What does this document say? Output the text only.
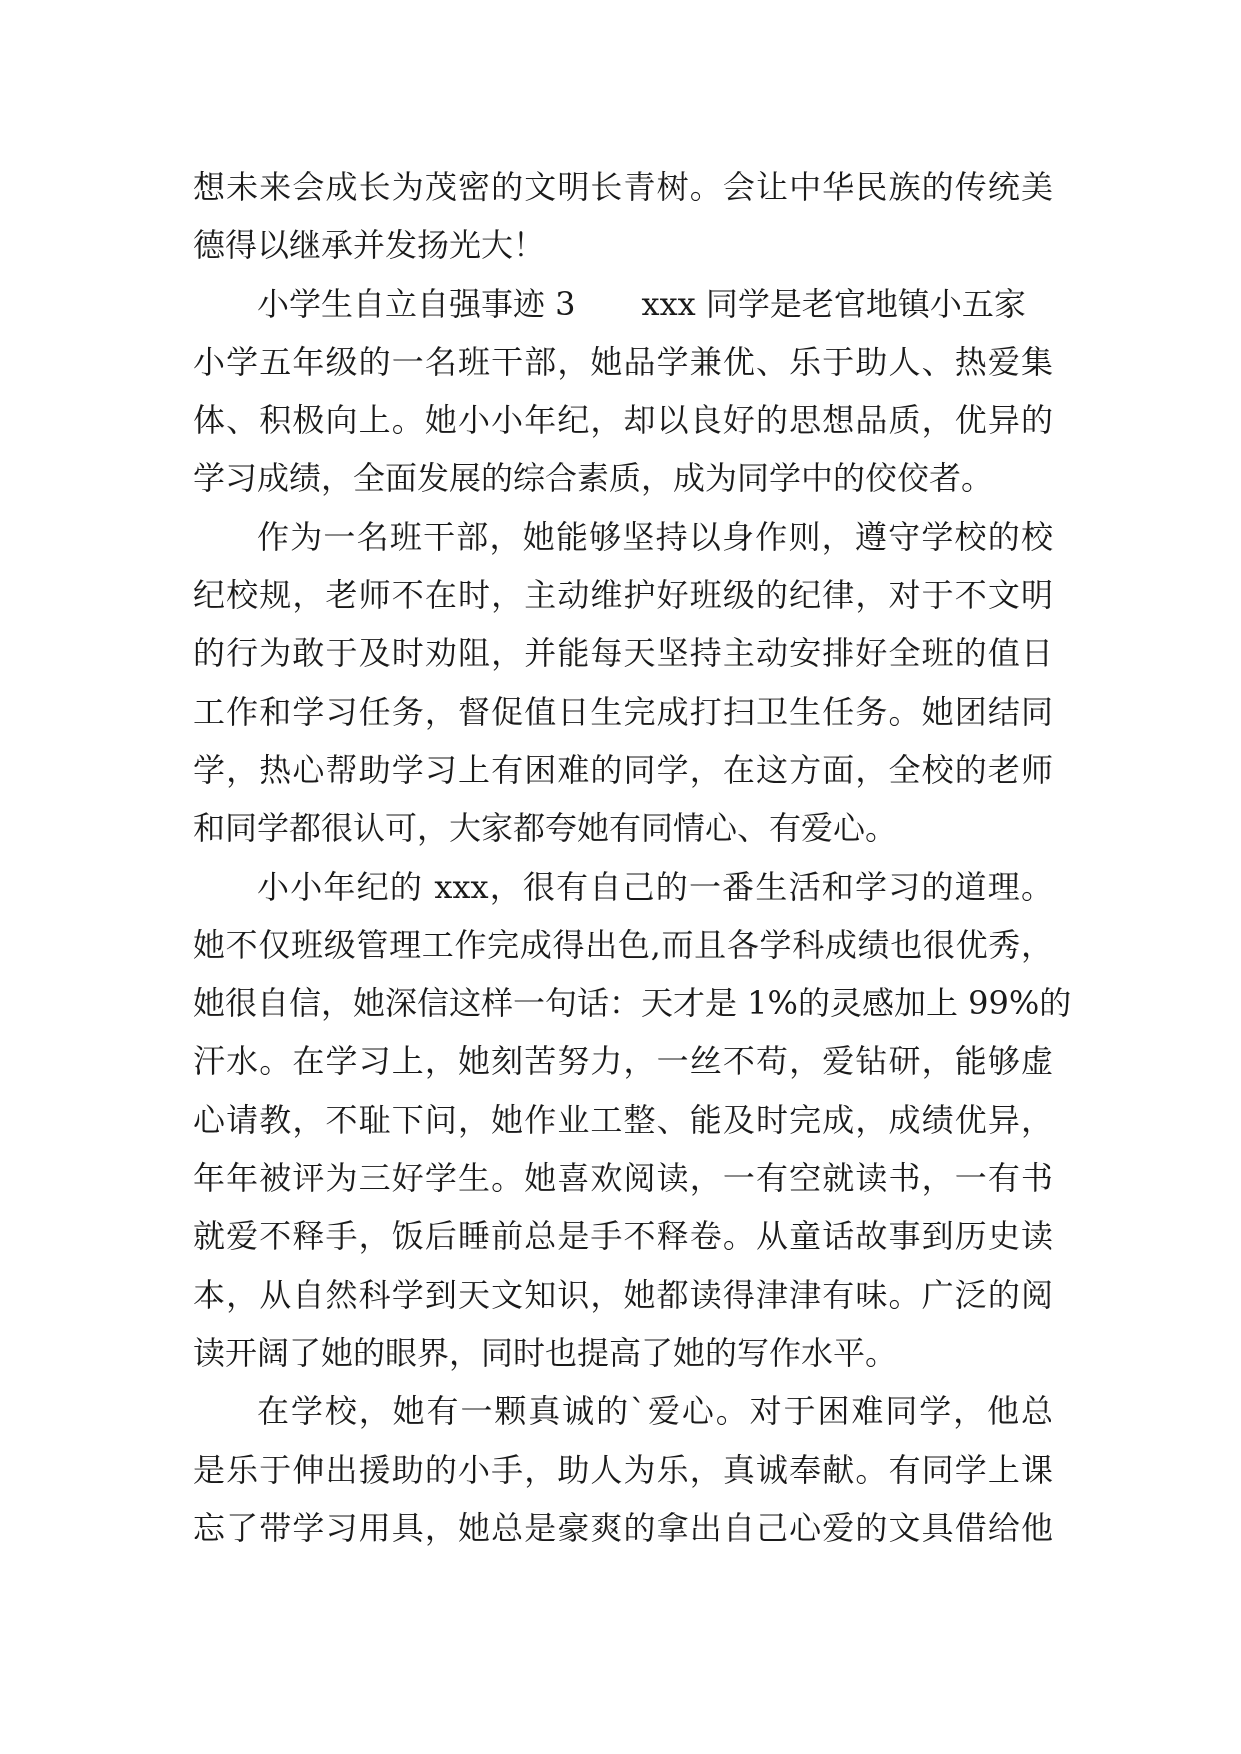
想未来会成长为茂密的文明长青树。会让中华民族的传统美
德得以继承并发扬光大！
小学生自立自强事迹 3 xxx 同学是老官地镇小五家
小学五年级的一名班干部，她品学兼优、乐于助人、热爱集
体、积极向上。她小小年纪，却以良好的思想品质，优异的
学习成绩，全面发展的综合素质，成为同学中的佼佼者。
作为一名班干部，她能够坚持以身作则，遵守学校的校
纪校规，老师不在时，主动维护好班级的纪律，对于不文明
的行为敢于及时劝阻，并能每天坚持主动安排好全班的值日
工作和学习任务，督促值日生完成打扫卫生任务。她团结同
学，热心帮助学习上有困难的同学，在这方面，全校的老师
和同学都很认可，大家都夸她有同情心、有爱心。
小小年纪的 xxx，很有自己的一番生活和学习的道理。
她不仅班级管理工作完成得出色,而且各学科成绩也很优秀，
她很自信，她深信这样一句话：天才是 1%的灵感加上 99%的
汗水。在学习上，她刻苦努力，一丝不苟，爱钻研，能够虚
心请教，不耻下问，她作业工整、能及时完成，成绩优异，
年年被评为三好学生。她喜欢阅读，一有空就读书，一有书
就爱不释手，饭后睡前总是手不释卷。从童话故事到历史读
本，从自然科学到天文知识，她都读得津津有味。广泛的阅
读开阔了她的眼界，同时也提高了她的写作水平。
在学校，她有一颗真诚的`爱心。对于困难同学，他总
是乐于伸出援助的小手，助人为乐，真诚奉献。有同学上课
忘了带学习用具，她总是豪爽的拿出自己心爱的文具借给他
